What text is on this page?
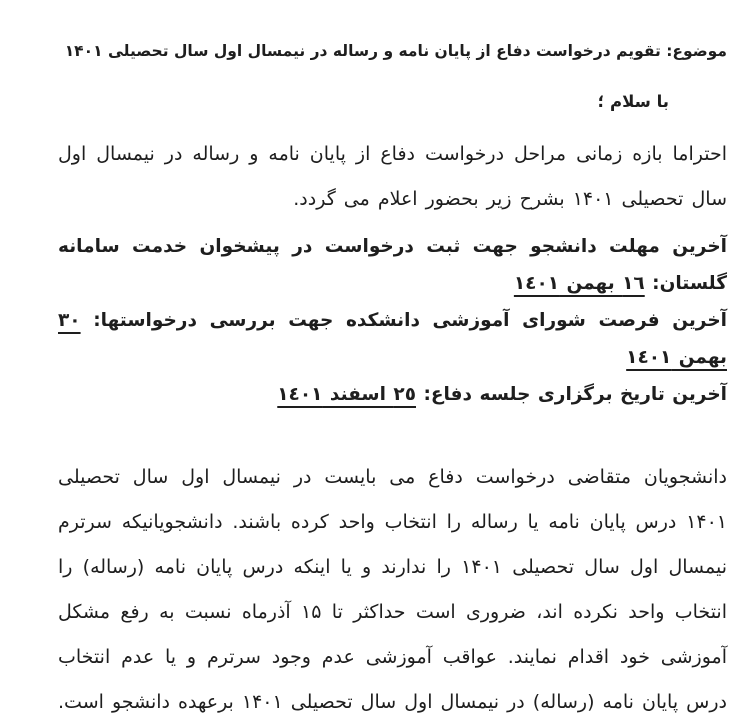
موضوع: تقویم درخواست دفاع از پایان نامه و رساله در نیمسال اول سال تحصیلی ۱۴۰۱

با سلام ؛

احتراما بازه زمانی مراحل درخواست دفاع از پایان نامه و رساله در نیمسال اول سال تحصیلی ۱۴۰۱ بشرح زیر بحضور اعلام می گردد.

آخرین مهلت دانشجو جهت ثبت درخواست در پیشخوان خدمت سامانه گلستان: ١٦ بهمن ١٤٠١

آخرین فرصت شورای آموزشی دانشکده جهت بررسی درخواستها: ٣٠ بهمن ١٤٠١

آخرین تاریخ برگزاری جلسه دفاع: ٢٥ اسفند ١٤٠١

دانشجویان متقاضی درخواست دفاع می بایست در نیمسال اول سال تحصیلی ۱۴۰۱ درس پایان نامه یا رساله را انتخاب واحد کرده باشند. دانشجویانیکه سرترم نیمسال اول سال تحصیلی ۱۴۰۱ را ندارند و یا اینکه درس پایان نامه (رساله) را انتخاب واحد نکرده اند، ضروری است حداکثر تا ۱۵ آذرماه نسبت به رفع مشکل آموزشی خود اقدام نمایند. عواقب آموزشی عدم وجود سرترم و یا عدم انتخاب درس پایان نامه (رساله) در نیمسال اول سال تحصیلی ۱۴۰۱ برعهده دانشجو است.
